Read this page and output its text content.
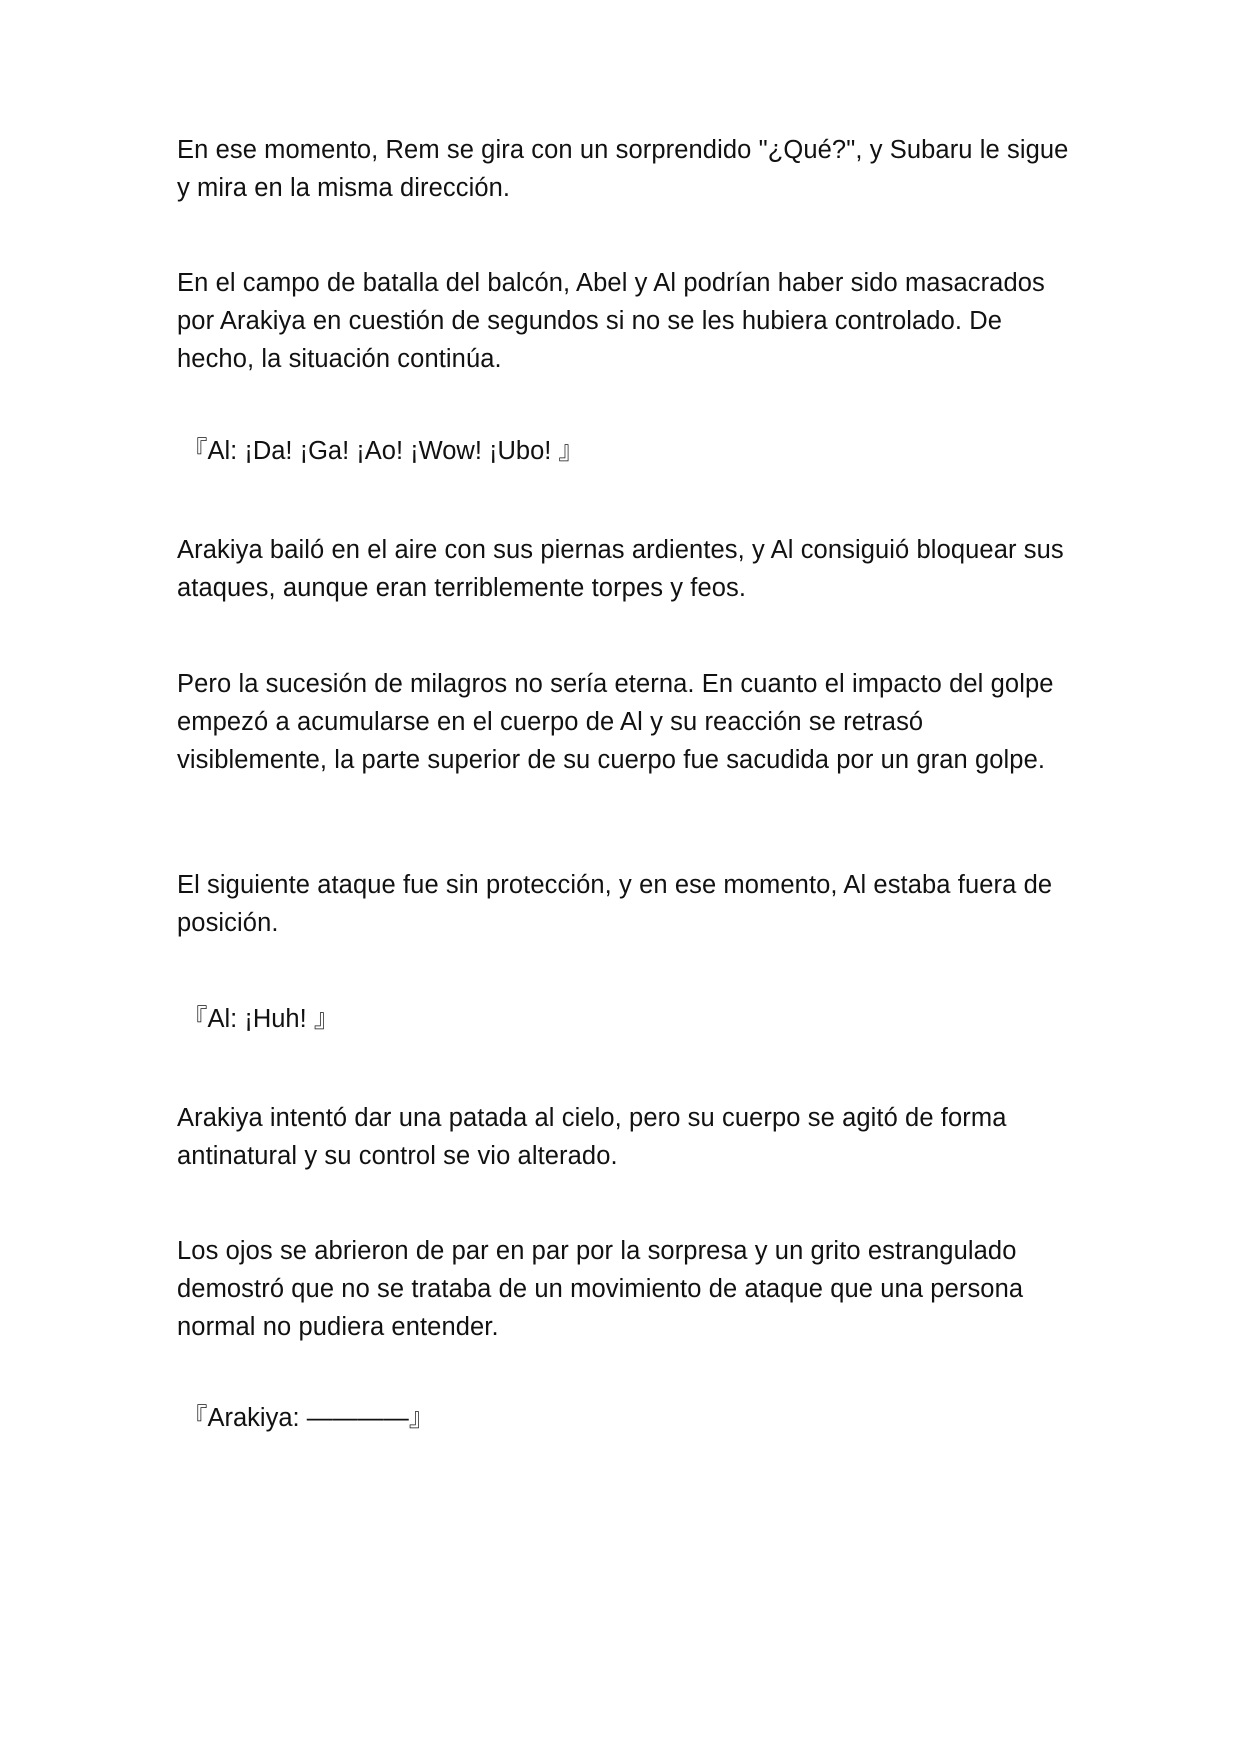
En ese momento, Rem se gira con un sorprendido "¿Qué?", y Subaru le sigue y mira en la misma dirección.

En el campo de batalla del balcón, Abel y Al podrían haber sido masacrados por Arakiya en cuestión de segundos si no se les hubiera controlado. De hecho, la situación continúa.

『Al: ¡Da! ¡Ga! ¡Ao! ¡Wow! ¡Ubo! 』

Arakiya bailó en el aire con sus piernas ardientes, y Al consiguió bloquear sus ataques, aunque eran terriblemente torpes y feos.

Pero la sucesión de milagros no sería eterna. En cuanto el impacto del golpe empezó a acumularse en el cuerpo de Al y su reacción se retrasó visiblemente, la parte superior de su cuerpo fue sacudida por un gran golpe.

El siguiente ataque fue sin protección, y en ese momento, Al estaba fuera de posición.

『Al: ¡Huh! 』

Arakiya intentó dar una patada al cielo, pero su cuerpo se agitó de forma antinatural y su control se vio alterado.

Los ojos se abrieron de par en par por la sorpresa y un grito estrangulado demostró que no se trataba de un movimiento de ataque que una persona normal no pudiera entender.

『Arakiya: ————』
